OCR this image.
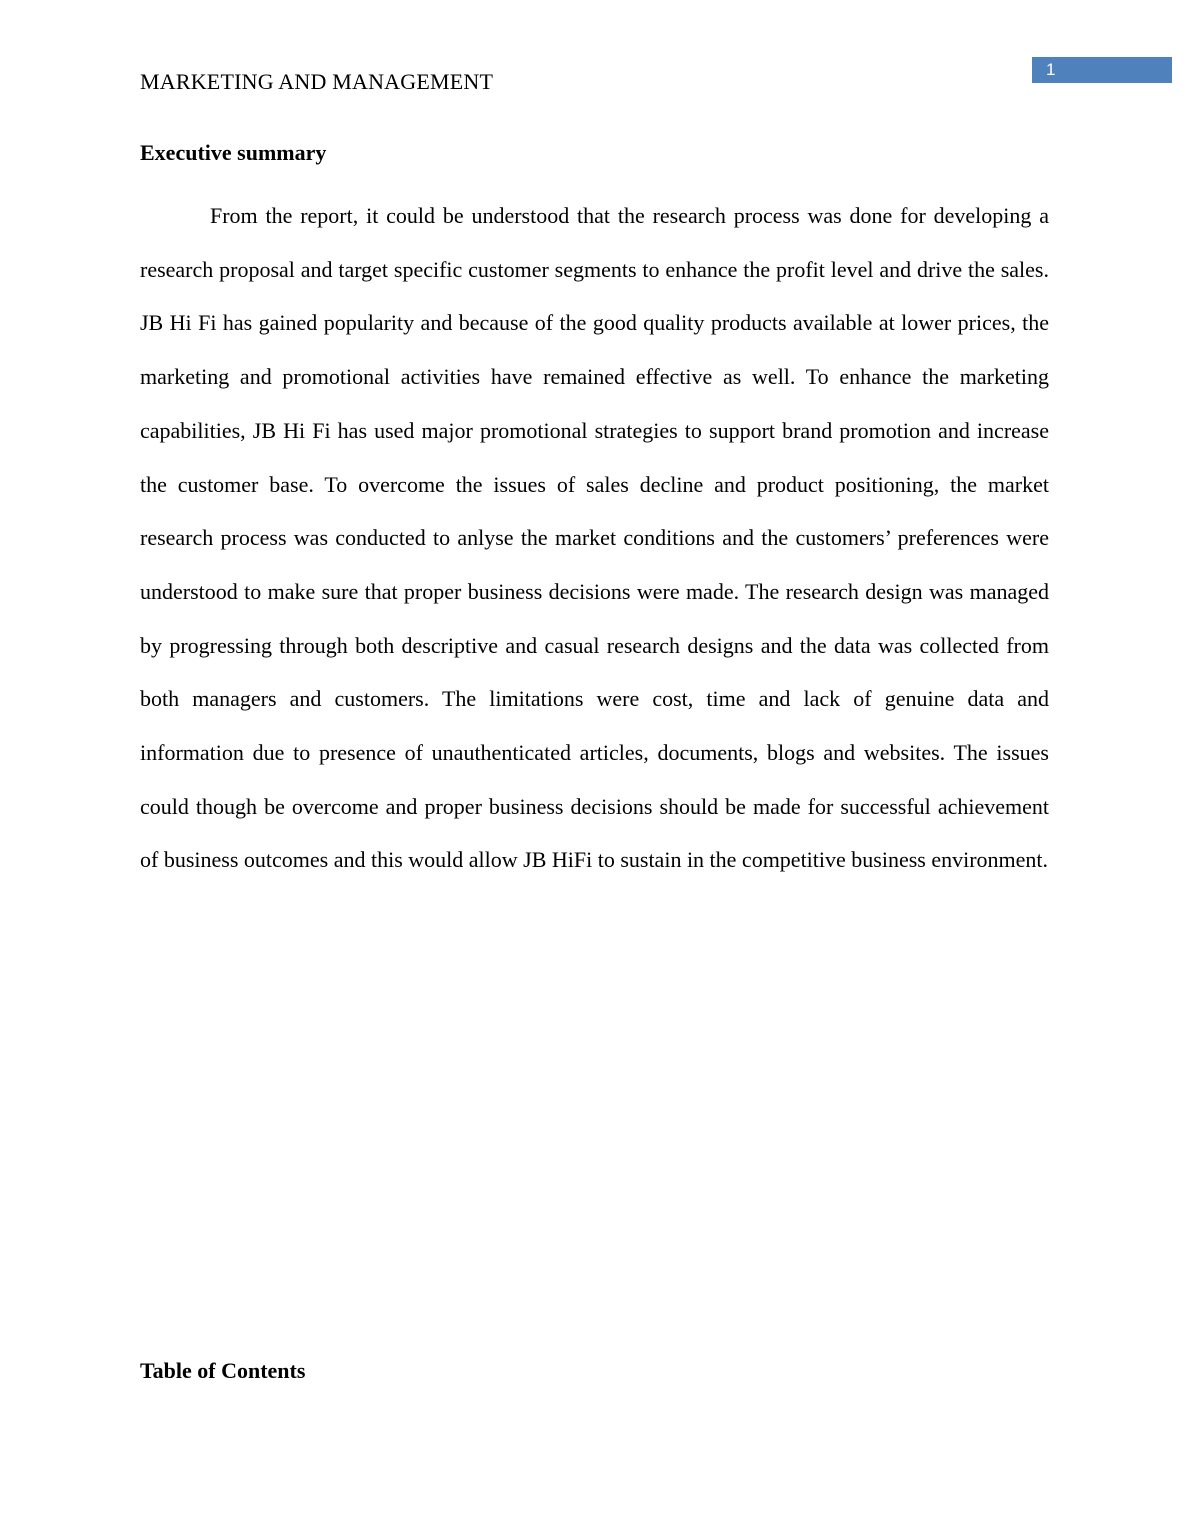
MARKETING AND MANAGEMENT	1
Executive summary

From the report, it could be understood that the research process was done for developing a research proposal and target specific customer segments to enhance the profit level and drive the sales. JB Hi Fi has gained popularity and because of the good quality products available at lower prices, the marketing and promotional activities have remained effective as well. To enhance the marketing capabilities, JB Hi Fi has used major promotional strategies to support brand promotion and increase the customer base. To overcome the issues of sales decline and product positioning, the market research process was conducted to anlyse the market conditions and the customers’ preferences were understood to make sure that proper business decisions were made. The research design was managed by progressing through both descriptive and casual research designs and the data was collected from both managers and customers. The limitations were cost, time and lack of genuine data and information due to presence of unauthenticated articles, documents, blogs and websites. The issues could though be overcome and proper business decisions should be made for successful achievement of business outcomes and this would allow JB HiFi to sustain in the competitive business environment.

Table of Contents
